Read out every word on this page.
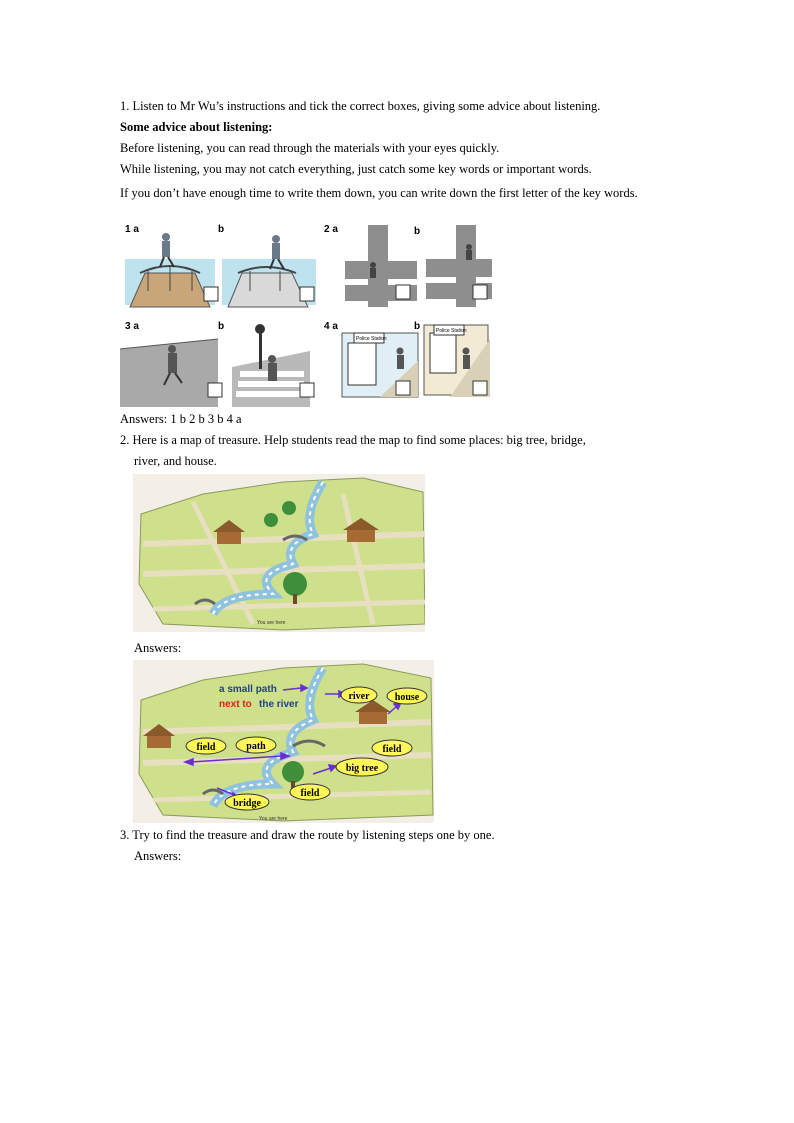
1. Listen to Mr Wu’s instructions and tick the correct boxes, giving some advice about listening.
Some advice about listening:
Before listening, you can read through the materials with your eyes quickly.
While listening, you may not catch everything, just catch some key words or important words.
If you don’t have enough time to write them down, you can write down the first letter of the key words.
1 a	b	2 a	b
3 a	b
Police Station
4 a	Police Station
b
Answers: 1 b 2 b 3 b 4 a
2. Here is a map of treasure. Help students read the map to find some places: big tree, bridge,
river, and house.
You are here
Answers:
a small path
next to the river
river	house
field	path	field
big tree
field
bridge
You are here
3. Try to find the treasure and draw the route by listening steps one by one.
Answers:
